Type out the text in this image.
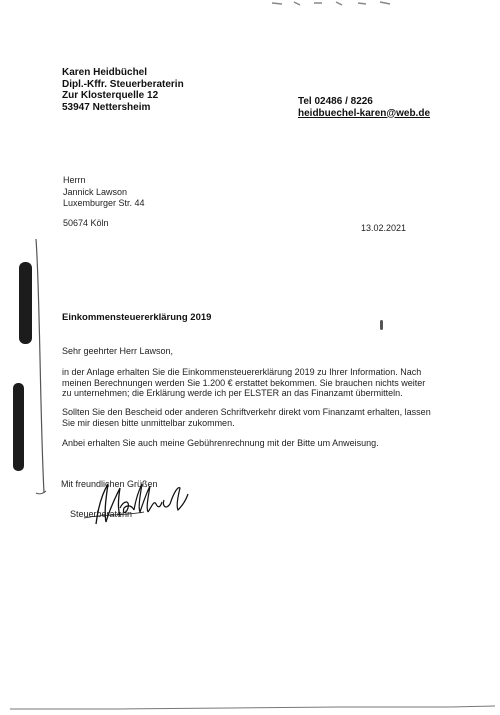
Karen Heidbüchel
Dipl.-Kffr. Steuerberaterin
Zur Klosterquelle 12
53947 Nettersheim	Tel 02486 / 8226
heidbuechel-karen@web.de
Herrn
Jannick Lawson
Luxemburger Str. 44
50674 Köln	13.02.2021
Einkommensteuererklärung 2019
Sehr geehrter Herr Lawson,
in der Anlage erhalten Sie die Einkommensteuererklärung 2019 zu Ihrer Information. Nach
meinen Berechnungen werden Sie 1.200 € erstattet bekommen. Sie brauchen nichts weiter
zu unternehmen; die Erklärung werde ich per ELSTER an das Finanzamt übermitteln.
Sollten Sie den Bescheid oder anderen Schriftverkehr direkt vom Finanzamt erhalten, lassen
Sie mir diesen bitte unmittelbar zukommen.
Anbei erhalten Sie auch meine Gebührenrechnung mit der Bitte um Anweisung.
Mit freundlichen Grüßen
Steuerberaterin
